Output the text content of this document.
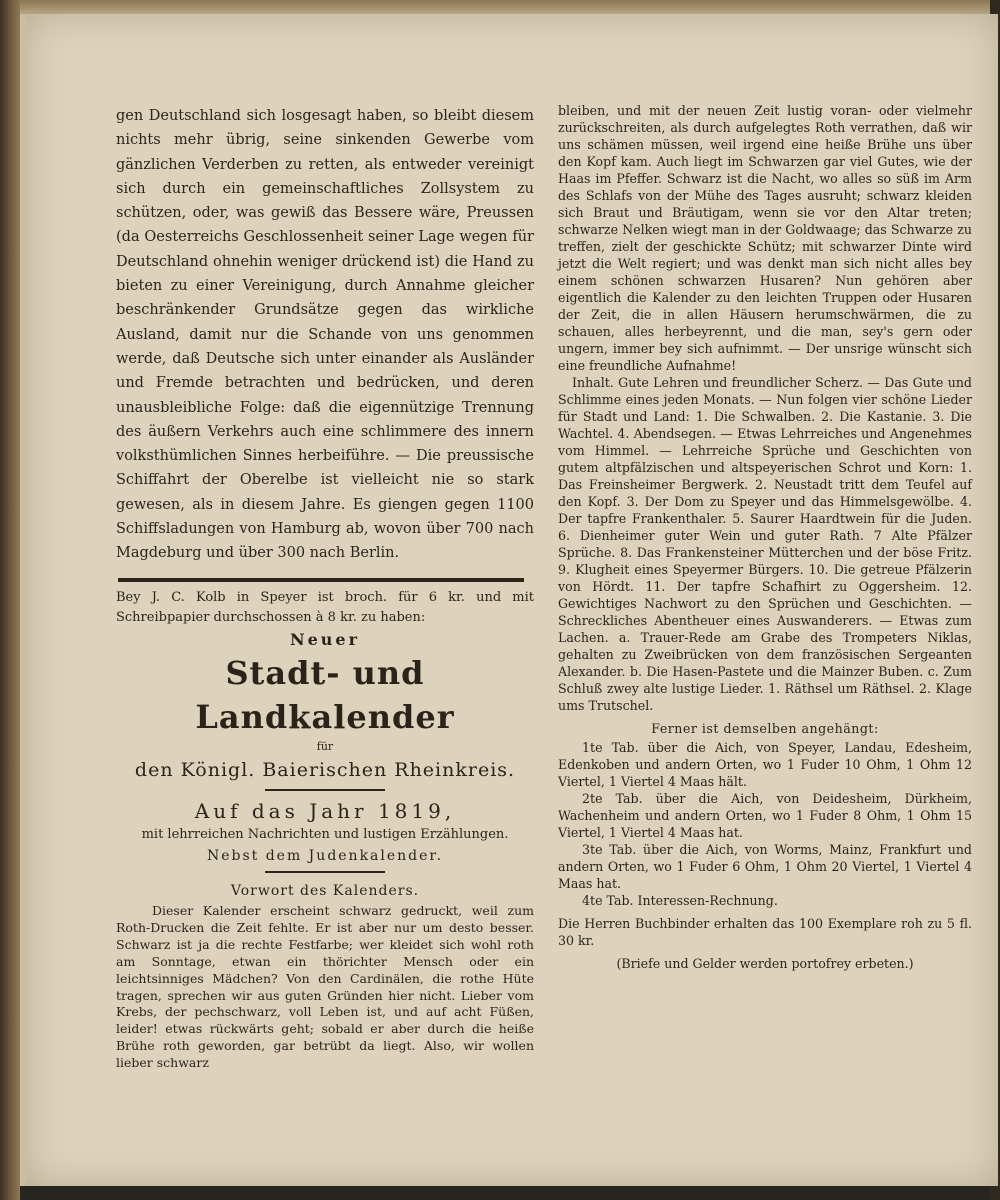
gen Deutschland sich losgesagt haben, so bleibt diesem nichts mehr übrig, seine sinkenden Gewerbe vom gänzlichen Verderben zu retten, als entweder vereinigt sich durch ein gemeinschaftliches Zollsystem zu schützen, oder, was gewiß das Bessere wäre, Preussen (da Oesterreichs Geschlossenheit seiner Lage wegen für Deutschland ohnehin weniger drückend ist) die Hand zu bieten zu einer Vereinigung, durch Annahme gleicher beschränkender Grundsätze gegen das wirkliche Ausland, damit nur die Schande von uns genommen werde, daß Deutsche sich unter einander als Ausländer und Fremde betrachten und bedrücken, und deren unausbleibliche Folge: daß die eigennützige Trennung des äußern Verkehrs auch eine schlimmere des innern volksthümlichen Sinnes herbeiführe. — Die preussische Schiffahrt der Oberelbe ist vielleicht nie so stark gewesen, als in diesem Jahre. Es giengen gegen 1100 Schiffsladungen von Hamburg ab, wovon über 700 nach Magdeburg und über 300 nach Berlin.

Bey J. C. Kolb in Speyer ist broch. für 6 kr. und mit Schreibpapier durchschossen à 8 kr. zu haben:
Neuer
Stadt- und Landkalender
für
den Königl. Baierischen Rheinkreis.
Auf das Jahr 1819,
mit lehrreichen Nachrichten und lustigen Erzählungen.
Nebst dem Judenkalender.
Vorwort des Kalenders.

Dieser Kalender erscheint schwarz gedruckt, weil zum Roth-Drucken die Zeit fehlte. Er ist aber nur um desto besser. Schwarz ist ja die rechte Festfarbe; wer kleidet sich wohl roth am Sonntage, etwan ein thörichter Mensch oder ein leichtsinniges Mädchen? Von den Cardinälen, die rothe Hüte tragen, sprechen wir aus guten Gründen hier nicht. Lieber vom Krebs, der pechschwarz, voll Leben ist, und auf acht Füßen, leider! etwas rückwärts geht; sobald er aber durch die heiße Brühe roth geworden, gar betrübt da liegt. Also, wir wollen lieber schwarz

bleiben, und mit der neuen Zeit lustig voran- oder vielmehr zurückschreiten, als durch aufgelegtes Roth verrathen, daß wir uns schämen müssen, weil irgend eine heiße Brühe uns über den Kopf kam. Auch liegt im Schwarzen gar viel Gutes, wie der Haas im Pfeffer. Schwarz ist die Nacht, wo alles so süß im Arm des Schlafs von der Mühe des Tages ausruht; schwarz kleiden sich Braut und Bräutigam, wenn sie vor den Altar treten; schwarze Nelken wiegt man in der Goldwaage; das Schwarze zu treffen, zielt der geschickte Schütz; mit schwarzer Dinte wird jetzt die Welt regiert; und was denkt man sich nicht alles bey einem schönen schwarzen Husaren? Nun gehören aber eigentlich die Kalender zu den leichten Truppen oder Husaren der Zeit, die in allen Häusern herumschwärmen, die zu schauen, alles herbeyrennt, und die man, sey's gern oder ungern, immer bey sich aufnimmt. — Der unsrige wünscht sich eine freundliche Aufnahme!

Inhalt. Gute Lehren und freundlicher Scherz. — Das Gute und Schlimme eines jeden Monats. — Nun folgen vier schöne Lieder für Stadt und Land: 1. Die Schwalben. 2. Die Kastanie. 3. Die Wachtel. 4. Abendsegen. — Etwas Lehrreiches und Angenehmes vom Himmel. — Lehrreiche Sprüche und Geschichten von gutem altpfälzischen und altspeyerischen Schrot und Korn: 1. Das Freinsheimer Bergwerk. 2. Neustadt tritt dem Teufel auf den Kopf. 3. Der Dom zu Speyer und das Himmelsgewölbe. 4. Der tapfre Frankenthaler. 5. Saurer Haardtwein für die Juden. 6. Dienheimer guter Wein und guter Rath. 7 Alte Pfälzer Sprüche. 8. Das Frankensteiner Mütterchen und der böse Fritz. 9. Klugheit eines Speyermer Bürgers. 10. Die getreue Pfälzerin von Hördt. 11. Der tapfre Schafhirt zu Oggersheim. 12. Gewichtiges Nachwort zu den Sprüchen und Geschichten. — Schreckliches Abentheuer eines Auswanderers. — Etwas zum Lachen. a. Trauer-Rede am Grabe des Trompeters Niklas, gehalten zu Zweibrücken von dem französischen Sergeanten Alexander. b. Die Hasen-Pastete und die Mainzer Buben. c. Zum Schluß zwey alte lustige Lieder. 1. Räthsel um Räthsel. 2. Klage ums Trutschel.

Ferner ist demselben angehängt:

1te Tab. über die Aich, von Speyer, Landau, Edesheim, Edenkoben und andern Orten, wo 1 Fuder 10 Ohm, 1 Ohm 12 Viertel, 1 Viertel 4 Maas hält.

2te Tab. über die Aich, von Deidesheim, Dürkheim, Wachenheim und andern Orten, wo 1 Fuder 8 Ohm, 1 Ohm 15 Viertel, 1 Viertel 4 Maas hat.

3te Tab. über die Aich, von Worms, Mainz, Frankfurt und andern Orten, wo 1 Fuder 6 Ohm, 1 Ohm 20 Viertel, 1 Viertel 4 Maas hat.

4te Tab. Interessen-Rechnung.

Die Herren Buchbinder erhalten das 100 Exemplare roh zu 5 fl. 30 kr.

(Briefe und Gelder werden portofrey erbeten.)
